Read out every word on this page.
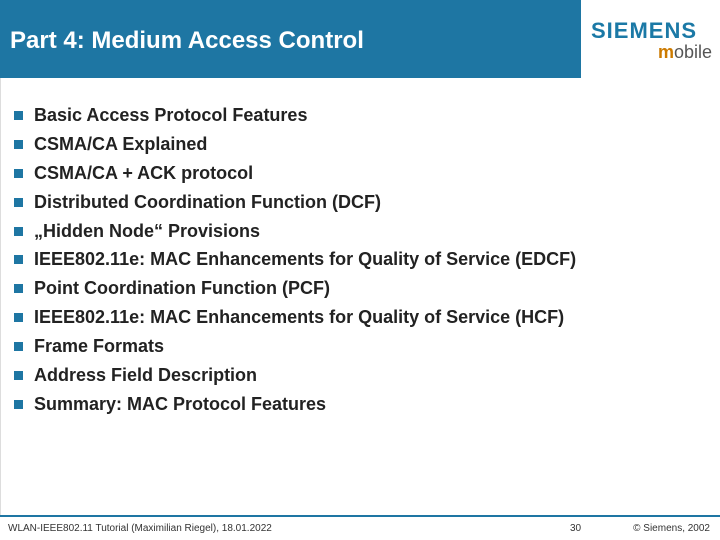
Part 4: Medium Access Control	SIEMENS
mobile
Basic Access Protocol Features
CSMA/CA Explained
CSMA/CA + ACK protocol
Distributed Coordination Function (DCF)
„Hidden Node“ Provisions
IEEE802.11e: MAC Enhancements for Quality of Service (EDCF)
Point Coordination Function (PCF)
IEEE802.11e: MAC Enhancements for Quality of Service (HCF)
Frame Formats
Address Field Description
Summary: MAC Protocol Features
WLAN-IEEE802.11 Tutorial (Maximilian Riegel), 18.01.2022	30	© Siemens, 2002
